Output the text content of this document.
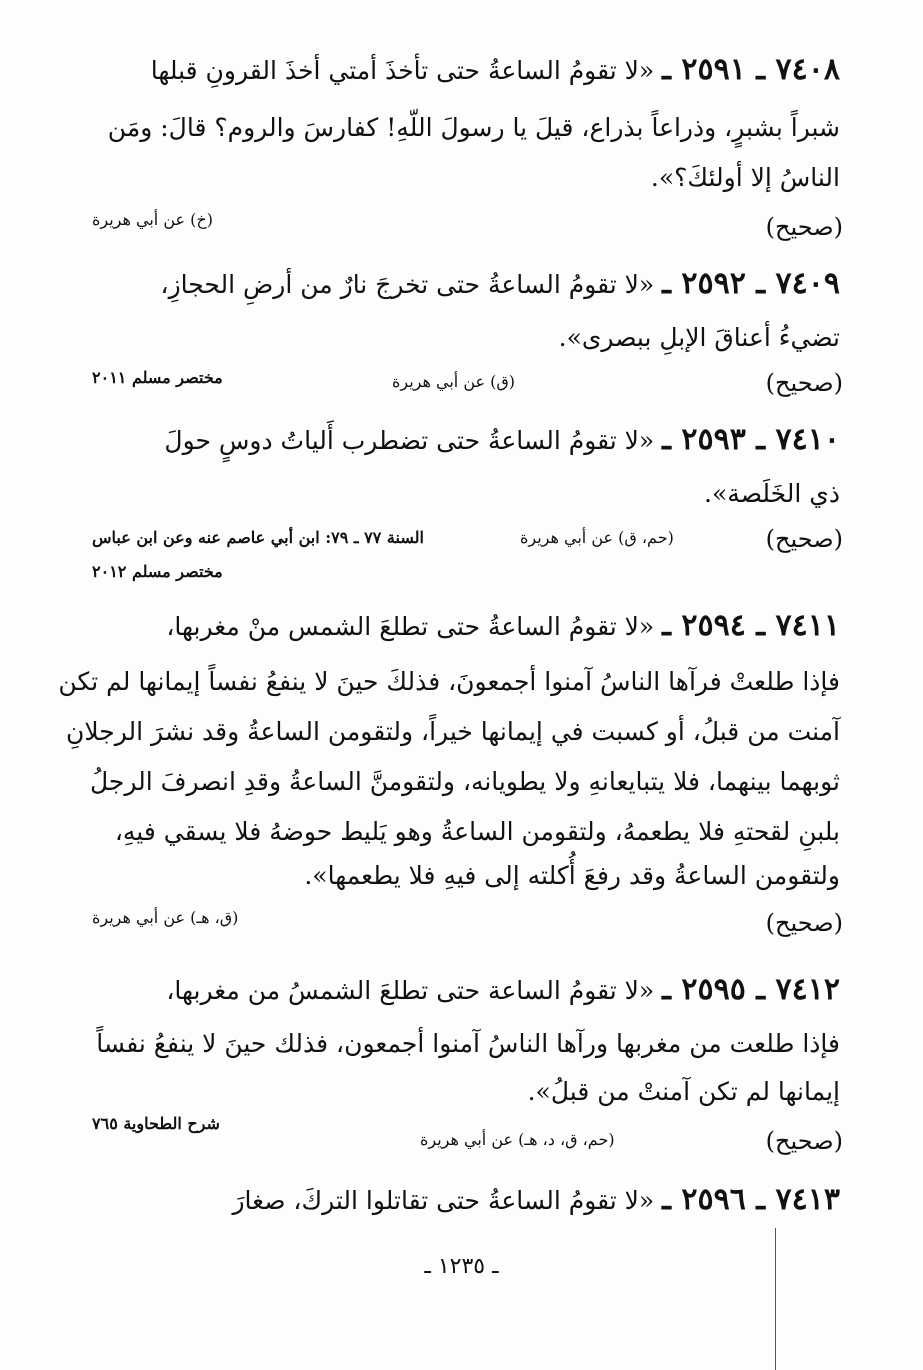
٧٤٠٨ ـ ٢٥٩١ ـ «لا تقومُ الساعةُ حتى تأخذَ أمتي أخذَ القرونِ قبلها
شبراً بشبرٍ، وذراعاً بذراع، قيلَ يا رسولَ اللّهِ! كفارسَ والروم؟ قالَ: ومَن
الناسُ إلا أولئكَ؟».
(صحيح)
(خ) عن أبي هريرة
٧٤٠٩ ـ ٢٥٩٢ ـ «لا تقومُ الساعةُ حتى تخرجَ نارٌ من أرضِ الحجازِ،
تضيءُ أعناقَ الإبلِ ببصرى».
(صحيح)
(ق) عن أبي هريرة
مختصر مسلم ٢٠١١
٧٤١٠ ـ ٢٥٩٣ ـ «لا تقومُ الساعةُ حتى تضطرب أَلياتُ دوسٍ حولَ
ذي الخَلَصة».
(صحيح)
(حم، ق) عن أبي هريرة
السنة ٧٧ ـ ٧٩: ابن أبي عاصم عنه وعن ابن عباس
مختصر مسلم ٢٠١٢
٧٤١١ ـ ٢٥٩٤ ـ «لا تقومُ الساعةُ حتى تطلعَ الشمس منْ مغربها،
فإذا طلعتْ فرآها الناسُ آمنوا أجمعونَ، فذلكَ حينَ لا ينفعُ نفساً إيمانها لم تكن
آمنت من قبلُ، أو كسبت في إيمانها خيراً، ولتقومن الساعةُ وقد نشرَ الرجلانِ
ثوبهما بينهما، فلا يتبايعانهِ ولا يطويانه، ولتقومنَّ الساعةُ وقدِ انصرفَ الرجلُ
بلبنِ لقحتهِ فلا يطعمهُ، ولتقومن الساعةُ وهو يَليط حوضهُ فلا يسقي فيهِ،
ولتقومن الساعةُ وقد رفعَ أُكلته إلى فيهِ فلا يطعمها».
(صحيح)
(ق، هـ) عن أبي هريرة
٧٤١٢ ـ ٢٥٩٥ ـ «لا تقومُ الساعة حتى تطلعَ الشمسُ من مغربها،
فإذا طلعت من مغربها ورآها الناسُ آمنوا أجمعون، فذلك حينَ لا ينفعُ نفساً
إيمانها لم تكن آمنتْ من قبلُ».
شرح الطحاوية ٧٦٥
(صحيح)
(حم، ق، د، هـ) عن أبي هريرة
٧٤١٣ ـ ٢٥٩٦ ـ «لا تقومُ الساعةُ حتى تقاتلوا التركَ، صغارَ
ـ ١٢٣٥ ـ
